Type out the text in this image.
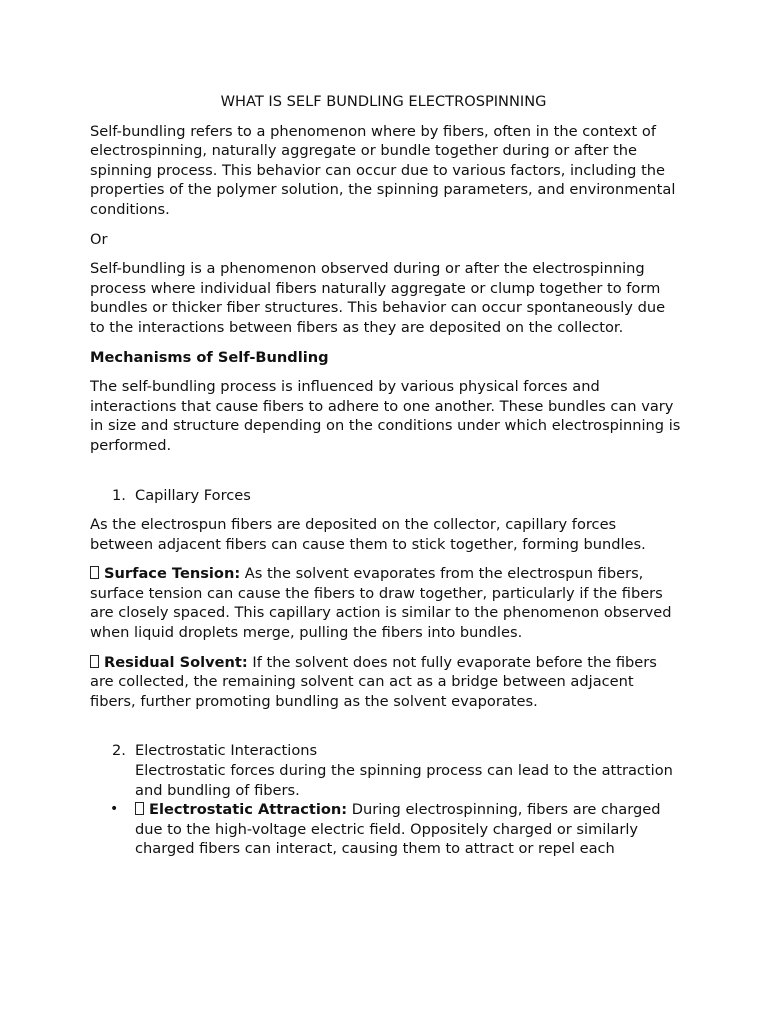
WHAT IS SELF BUNDLING ELECTROSPINNING

Self-bundling refers to a phenomenon where by fibers, often in the context of electrospinning, naturally aggregate or bundle together during or after the spinning process. This behavior can occur due to various factors, including the properties of the polymer solution, the spinning parameters, and environmental conditions.

Or

Self-bundling is a phenomenon observed during or after the electrospinning process where individual fibers naturally aggregate or clump together to form bundles or thicker fiber structures. This behavior can occur spontaneously due to the interactions between fibers as they are deposited on the collector.

Mechanisms of Self-Bundling

The self-bundling process is influenced by various physical forces and interactions that cause fibers to adhere to one another. These bundles can vary in size and structure depending on the conditions under which electrospinning is performed.

1. Capillary Forces

As the electrospun fibers are deposited on the collector, capillary forces between adjacent fibers can cause them to stick together, forming bundles.

Surface Tension: As the solvent evaporates from the electrospun fibers, surface tension can cause the fibers to draw together, particularly if the fibers are closely spaced. This capillary action is similar to the phenomenon observed when liquid droplets merge, pulling the fibers into bundles.

Residual Solvent: If the solvent does not fully evaporate before the fibers are collected, the remaining solvent can act as a bridge between adjacent fibers, further promoting bundling as the solvent evaporates.

2. Electrostatic Interactions
Electrostatic forces during the spinning process can lead to the attraction and bundling of fibers.
• Electrostatic Attraction: During electrospinning, fibers are charged due to the high-voltage electric field. Oppositely charged or similarly charged fibers can interact, causing them to attract or repel each
